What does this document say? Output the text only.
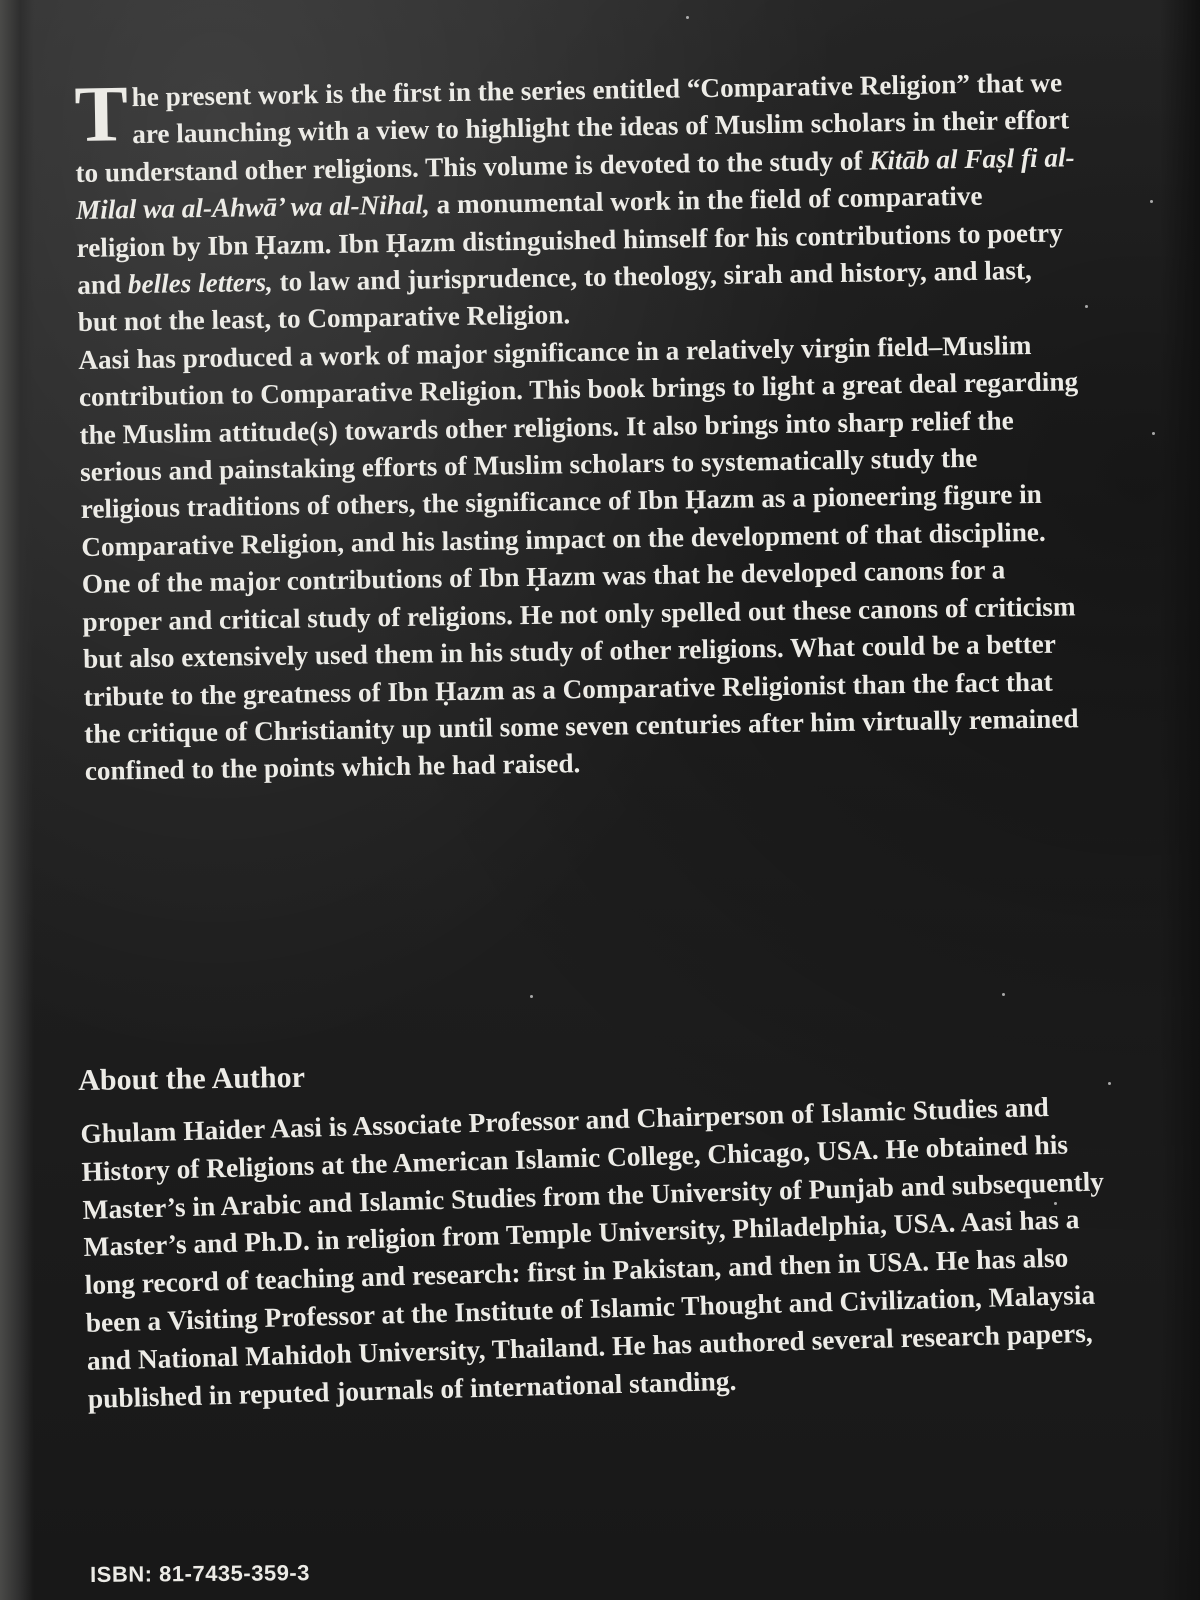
The present work is the first in the series entitled “Comparative Religion” that we are launching with a view to highlight the ideas of Muslim scholars in their effort to understand other religions. This volume is devoted to the study of Kitāb al Faṣl fi al-Milal wa al-Ahwā’ wa al-Nihal, a monumental work in the field of comparative religion by Ibn Ḥazm. Ibn Ḥazm distinguished himself for his contributions to poetry and belles letters, to law and jurisprudence, to theology, sirah and history, and last, but not the least, to Comparative Religion.

Aasi has produced a work of major significance in a relatively virgin field–Muslim contribution to Comparative Religion. This book brings to light a great deal regarding the Muslim attitude(s) towards other religions. It also brings into sharp relief the serious and painstaking efforts of Muslim scholars to systematically study the religious traditions of others, the significance of Ibn Ḥazm as a pioneering figure in Comparative Religion, and his lasting impact on the development of that discipline.

One of the major contributions of Ibn Ḥazm was that he developed canons for a proper and critical study of religions. He not only spelled out these canons of criticism but also extensively used them in his study of other religions. What could be a better tribute to the greatness of Ibn Ḥazm as a Comparative Religionist than the fact that the critique of Christianity up until some seven centuries after him virtually remained confined to the points which he had raised.

About the Author

Ghulam Haider Aasi is Associate Professor and Chairperson of Islamic Studies and History of Religions at the American Islamic College, Chicago, USA. He obtained his Master’s in Arabic and Islamic Studies from the University of Punjab and subsequently Master’s and Ph.D. in religion from Temple University, Philadelphia, USA. Aasi has a long record of teaching and research: first in Pakistan, and then in USA. He has also been a Visiting Professor at the Institute of Islamic Thought and Civilization, Malaysia and National Mahidoh University, Thailand. He has authored several research papers, published in reputed journals of international standing.

ISBN: 81-7435-359-3
